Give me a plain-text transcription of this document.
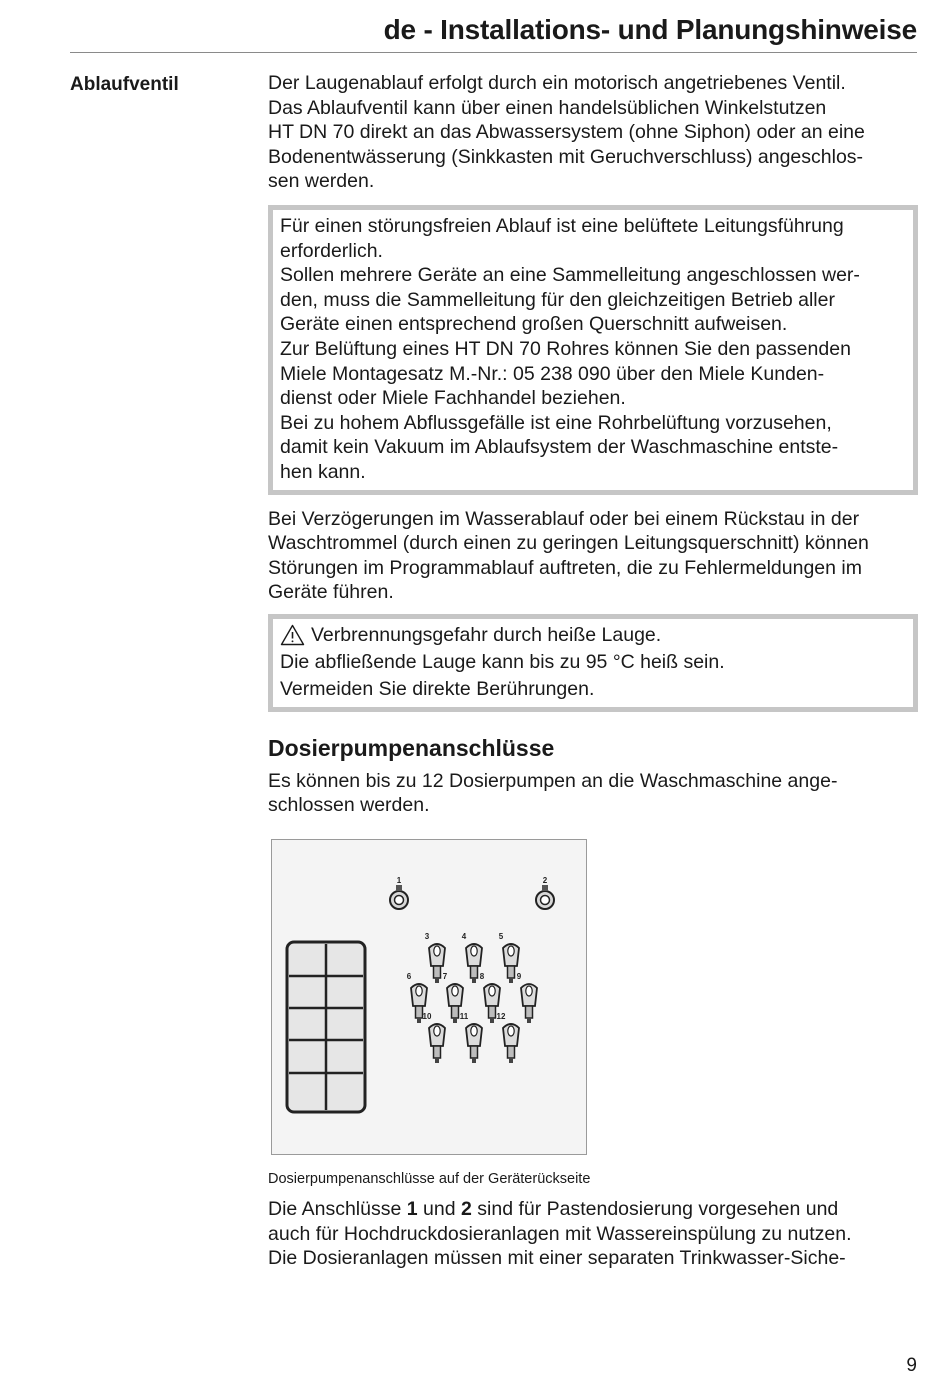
de - Installations- und Planungshinweise
Ablaufventil	Der Laugenablauf erfolgt durch ein motorisch angetriebenes Ventil.
Das Ablaufventil kann über einen handelsüblichen Winkelstutzen
HT DN 70 direkt an das Abwassersystem (ohne Siphon) oder an eine
Bodenentwässerung (Sinkkasten mit Geruchverschluss) angeschlos-
sen werden.

Für einen störungsfreien Ablauf ist eine belüftete Leitungsführung
erforderlich.
Sollen mehrere Geräte an eine Sammelleitung angeschlossen wer-
den, muss die Sammelleitung für den gleichzeitigen Betrieb aller
Geräte einen entsprechend großen Querschnitt aufweisen.
Zur Belüftung eines HT DN 70 Rohres können Sie den passenden
Miele Montagesatz M.-Nr.: 05 238 090 über den Miele Kunden-
dienst oder Miele Fachhandel beziehen.
Bei zu hohem Abflussgefälle ist eine Rohrbelüftung vorzusehen,
damit kein Vakuum im Ablaufsystem der Waschmaschine entste-
hen kann.

Bei Verzögerungen im Wasserablauf oder bei einem Rückstau in der
Waschtrommel (durch einen zu geringen Leitungsquerschnitt) können
Störungen im Programmablauf auftreten, die zu Fehlermeldungen im
Geräte führen.

Verbrennungsgefahr durch heiße Lauge.
Die abfließende Lauge kann bis zu 95 °C heiß sein.
Vermeiden Sie direkte Berührungen.
Dosierpumpenanschlüsse

Es können bis zu 12 Dosierpumpen an die Waschmaschine ange-
schlossen werden.

1	2
3	4	5
6	7	8	9
10	11	12
Dosierpumpenanschlüsse auf der Geräterückseite

Die Anschlüsse 1 und 2 sind für Pastendosierung vorgesehen und
auch für Hochdruckdosieranlagen mit Wassereinspülung zu nutzen.
Die Dosieranlagen müssen mit einer separaten Trinkwasser-Siche-

9
